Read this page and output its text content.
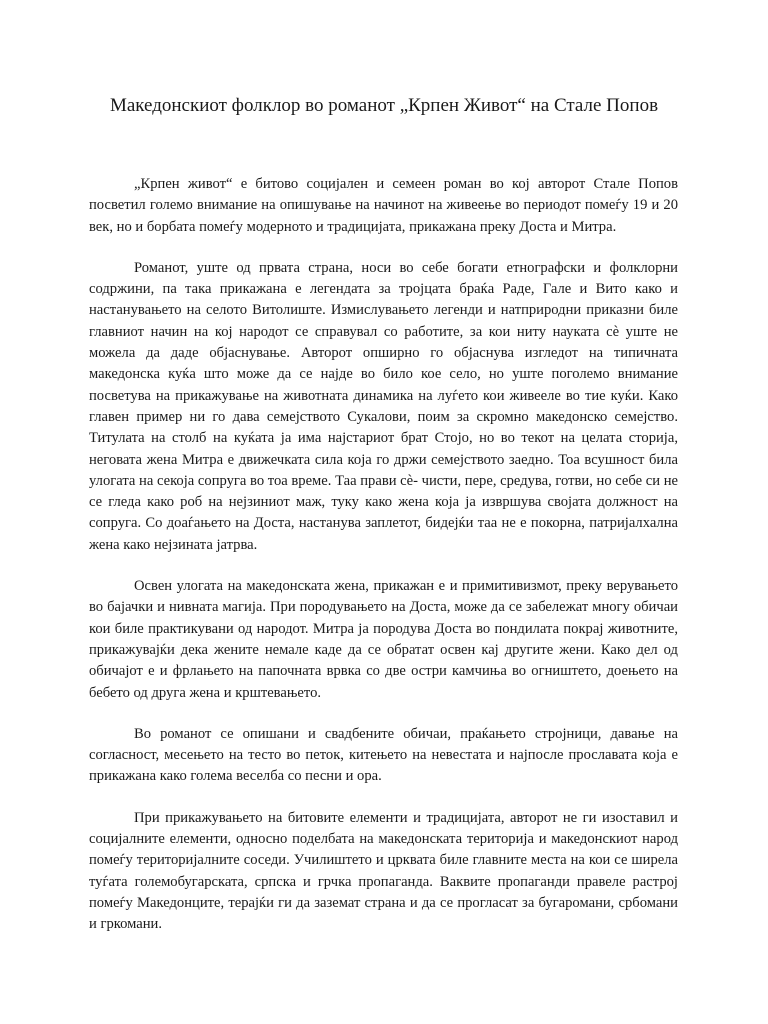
Македонскиот фолклор во романот „Крпен Живот“ на Стале Попов

„Крпен живот“ е битово социјален и семеен роман во кој авторот Стале Попов посветил големо внимание на опишување на начинот на живеење во периодот помеѓу 19 и 20 век, но и борбата помеѓу модерното и традицијата, прикажана преку Доста и Митра.

Романот, уште од првата страна, носи во себе богати етнографски и фолклорни содржини, па така прикажана е легендата за тројцата браќа Раде, Гале и Вито како и настанувањето на селото Витолиште. Измислувањето легенди и натприродни приказни биле главниот начин на кој народот се справувал со работите, за кои ниту науката сè уште не можела да даде објаснување. Авторот опширно го објаснува изгледот на типичната македонска куќа што може да се најде во било кое село, но уште поголемо внимание посветува на прикажување на животната динамика на луѓето кои живееле во тие куќи. Како главен пример ни го дава семејството Сукалови, поим за скромно македонско семејство. Титулата на столб на куќата ја има најстариот брат Стојо, но во текот на целата сторија, неговата жена Митра е движечката сила која го држи семејството заедно. Тоа всушност била улогата на секоја сопруга во тоа време. Таа прави сè- чисти, пере, средува, готви, но себе си не се гледа како роб на нејзиниот маж, туку како жена која ја извршува својата должност на сопруга. Со доаѓањето на Доста, настанува заплетот, бидејќи таа не е покорна, патријалхална жена како нејзината јатрва.

Освен улогата на македонската жена, прикажан е и примитивизмот, преку верувањето во бајачки и нивната магија. При породувањето на Доста, може да се забележат многу обичаи кои биле практикувани од народот. Митра ја породува Доста во пондилата покрај животните, прикажувајќи дека жените немале каде да се обратат освен кај другите жени. Како дел од обичајот е и фрлањето на папочната врвка со две остри камчиња во огништето, доењето на бебето од друга жена и крштевањето.

Во романот се опишани и свадбените обичаи, праќањето стројници, давање на согласност, месењето на тесто во петок, китењето на невестата и најпосле прославата која е прикажана како голема веселба со песни и ора.

При прикажувањето на битовите елементи и традицијата, авторот не ги изоставил и социјалните елементи, односно поделбата на македонската територија и македонскиот народ помеѓу териториjалните соседи. Училиштето и црквата биле главните места на кои се ширела туѓата големобугарската, српска и грчка пропаганда. Ваквите пропаганди правеле растрој помеѓу Македонците, терајќи ги да заземат страна и да се прогласат за бугаромани, србомани и гркомани.
